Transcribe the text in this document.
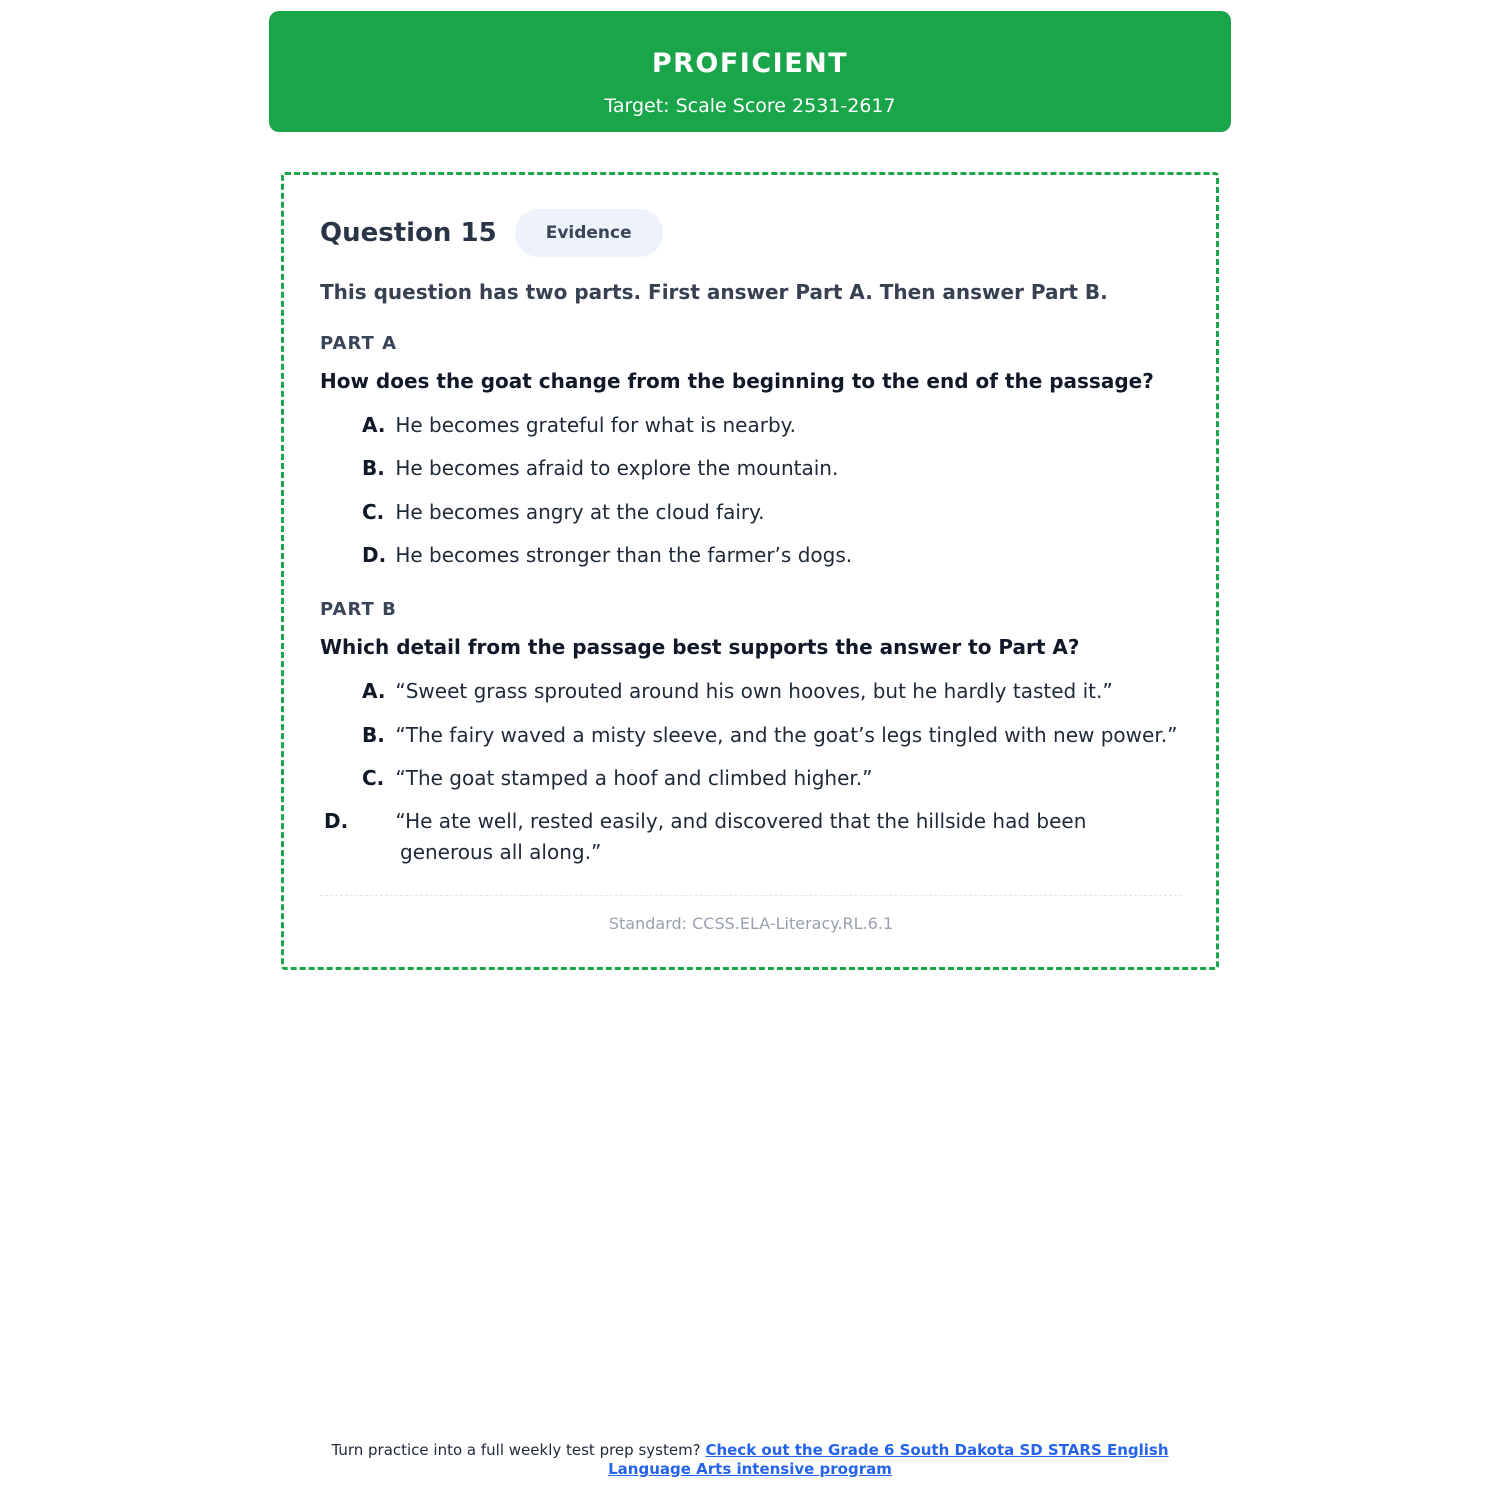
PROFICIENT
Target: Scale Score 2531-2617
Question 15	Evidence
This question has two parts. First answer Part A. Then answer Part B.
PART A
How does the goat change from the beginning to the end of the passage?
A. He becomes grateful for what is nearby.
B. He becomes afraid to explore the mountain.
C. He becomes angry at the cloud fairy.
D. He becomes stronger than the farmer’s dogs.
PART B
Which detail from the passage best supports the answer to Part A?
A. “Sweet grass sprouted around his own hooves, but he hardly tasted it.”
B. “The fairy waved a misty sleeve, and the goat’s legs tingled with new power.”
C. “The goat stamped a hoof and climbed higher.”
D. “He ate well, rested easily, and discovered that the hillside had been generous all along.”
Standard: CCSS.ELA-Literacy.RL.6.1
Turn practice into a full weekly test prep system? Check out the Grade 6 South Dakota SD STARS English Language Arts intensive program
